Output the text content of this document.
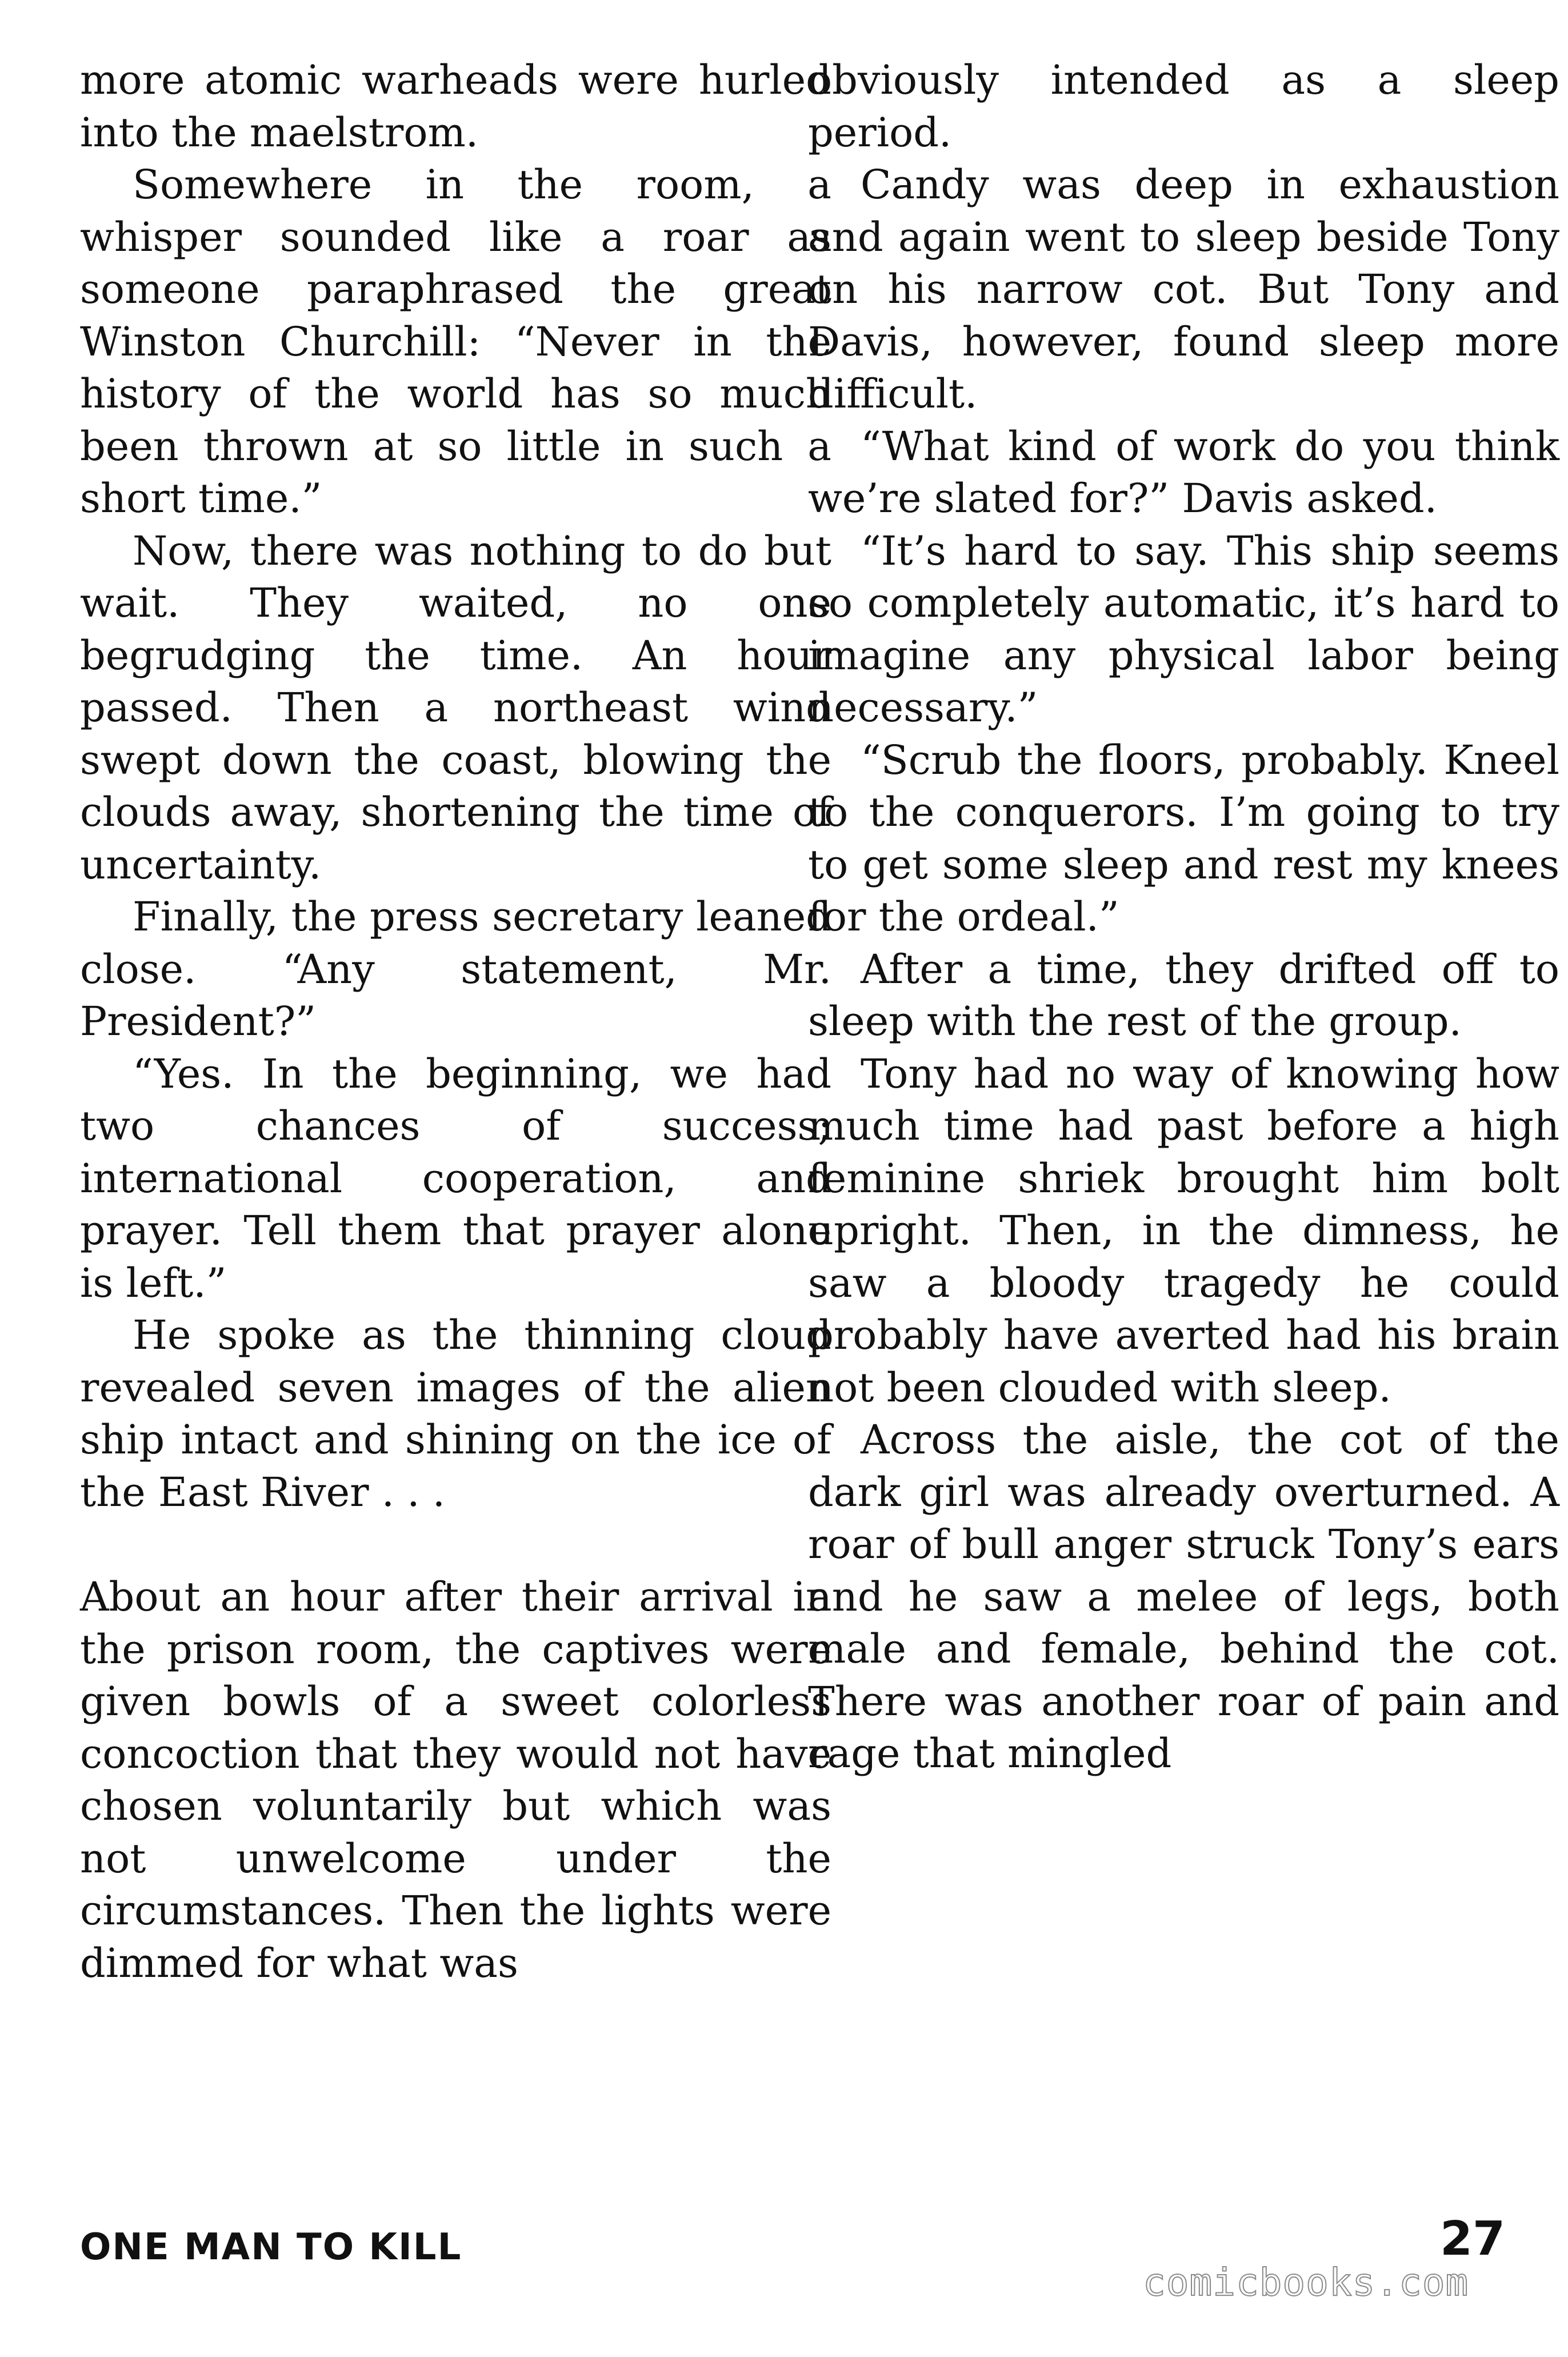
more atomic warheads were hurled into the maelstrom.

Somewhere in the room, a whisper sounded like a roar as someone paraphrased the great Winston Churchill: “Never in the history of the world has so much been thrown at so little in such a short time.”

Now, there was nothing to do but wait. They waited, no one begrudging the time. An hour passed. Then a northeast wind swept down the coast, blowing the clouds away, shortening the time of uncertainty.

Finally, the press secretary leaned close. “Any statement, Mr. President?”

“Yes. In the beginning, we had two chances of success; international cooperation, and prayer. Tell them that prayer alone is left.”

He spoke as the thinning cloud revealed seven images of the alien ship intact and shining on the ice of the East River . . .

About an hour after their arrival in the prison room, the captives were given bowls of a sweet colorless concoction that they would not have chosen voluntarily but which was not unwelcome under the circumstances. Then the lights were dimmed for what was

obviously intended as a sleep period.

Candy was deep in exhaustion and again went to sleep beside Tony on his narrow cot. But Tony and Davis, however, found sleep more difficult.

“What kind of work do you think we’re slated for?” Davis asked.

“It’s hard to say. This ship seems so completely automatic, it’s hard to imagine any physical labor being necessary.”

“Scrub the floors, probably. Kneel to the conquerors. I’m going to try to get some sleep and rest my knees for the ordeal.”

After a time, they drifted off to sleep with the rest of the group.

Tony had no way of knowing how much time had past before a high feminine shriek brought him bolt upright. Then, in the dimness, he saw a bloody tragedy he could probably have averted had his brain not been clouded with sleep.

Across the aisle, the cot of the dark girl was already overturned. A roar of bull anger struck Tony’s ears and he saw a melee of legs, both male and female, behind the cot. There was another roar of pain and rage that mingled

ONE MAN TO KILL	27
comicbooks.com
